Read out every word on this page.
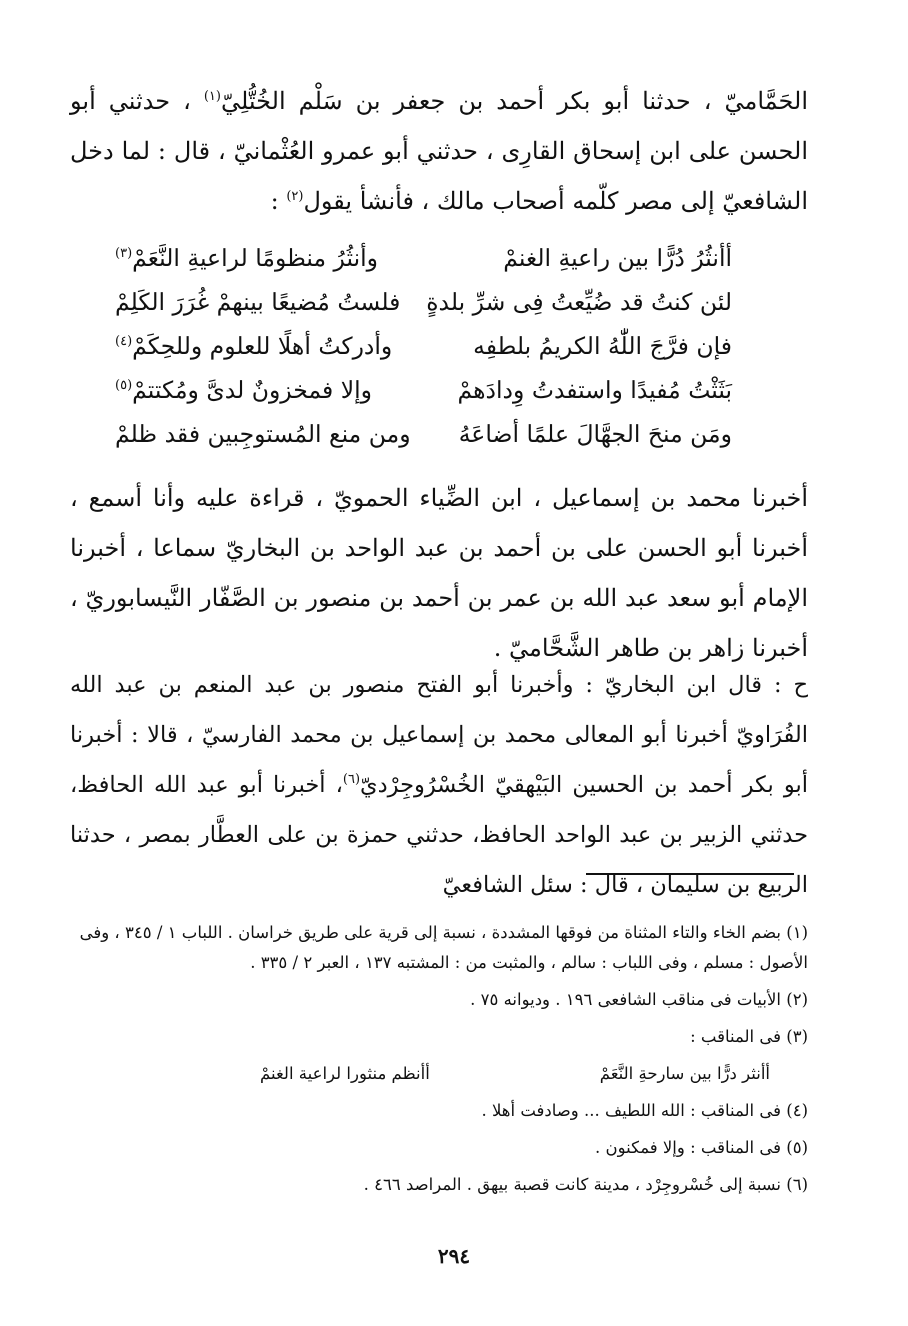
الحَمَّاميّ ، حدثنا أبو بكر أحمد بن جعفر بن سَلْم الخُتُّلِيّ$^{(١)}$ ، حدثني أبو الحسن على ابن إسحاق القارِى ، حدثني أبو عمرو العُثْمانيّ ، قال : لما دخل الشافعيّ إلى مصر كلّمه أصحاب مالك ، فأنشأ يقول$^{(٢)}$ :
أأنثُرُ دُرًّا بين راعيةِ الغنمْ
وأنثُرُ منظومًا لراعيةِ النَّعَمْ$^{(٣)}$
لئن كنتُ قد ضُيِّعتُ فِى شرِّ بلدةٍ
فلستُ مُضيعًا بينهمْ غُرَرَ الكَلِمْ
فإن فرَّجَ اللّٰهُ الكريمُ بلطفِه
وأدركتُ أهلًا للعلوم وللحِكَمْ$^{(٤)}$
بَثَثْتُ مُفيدًا واستفدتُ وِدادَهمْ
وإلا فمخزونٌ لدىَّ ومُكتتمْ$^{(٥)}$
ومَن منحَ الجهَّالَ علمًا أضاعَهُ
ومن منع المُستوجِبين فقد ظلمْ
أخبرنا محمد بن إسماعيل ، ابن الضِّياء الحمويّ ، قراءة عليه وأنا أسمع ، أخبرنا أبو الحسن على بن أحمد بن عبد الواحد بن البخاريّ سماعا ، أخبرنا الإمام أبو سعد عبد الله بن عمر بن أحمد بن منصور بن الصَّفّار النَّيسابوريّ ، أخبرنا زاهر بن طاهر الشَّحَّاميّ .
ح : قال ابن البخاريّ : وأخبرنا أبو الفتح منصور بن عبد المنعم بن عبد الله الفُرَاويّ أخبرنا أبو المعالى محمد بن إسماعيل بن محمد الفارسيّ ، قالا : أخبرنا أبو بكر أحمد بن الحسين البَيْهقيّ الخُسْرُوجِرْديّ$^{(٦)}$، أخبرنا أبو عبد الله الحافظ، حدثني الزبير بن عبد الواحد الحافظ، حدثني حمزة بن على العطَّار بمصر ، حدثنا الربيع بن سليمان ، قال : سئل الشافعيّ
(١) بضم الخاء والتاء المثناة من فوقها المشددة ، نسبة إلى قرية على طريق خراسان . اللباب ١ / ٣٤٥ ، وفى الأصول : مسلم ، وفى اللباب : سالم ، والمثبت من : المشتبه ١٣٧ ، العبر ٢ / ٣٣٥ .
(٢) الأبيات فى مناقب الشافعى ١٩٦ . وديوانه ٧٥ .
(٣) فى المناقب :
أأنثر درًّا بين سارحةِ النَّعَمْ
أأنظم منثورا لراعية الغنمْ
(٤) فى المناقب : الله اللطيف ... وصادفت أهلا .
(٥) فى المناقب : وإلا فمكنون .
(٦) نسبة إلى خُسْروجِرْد ، مدينة كانت قصبة بيهق . المراصد ٤٦٦ .
٢٩٤
